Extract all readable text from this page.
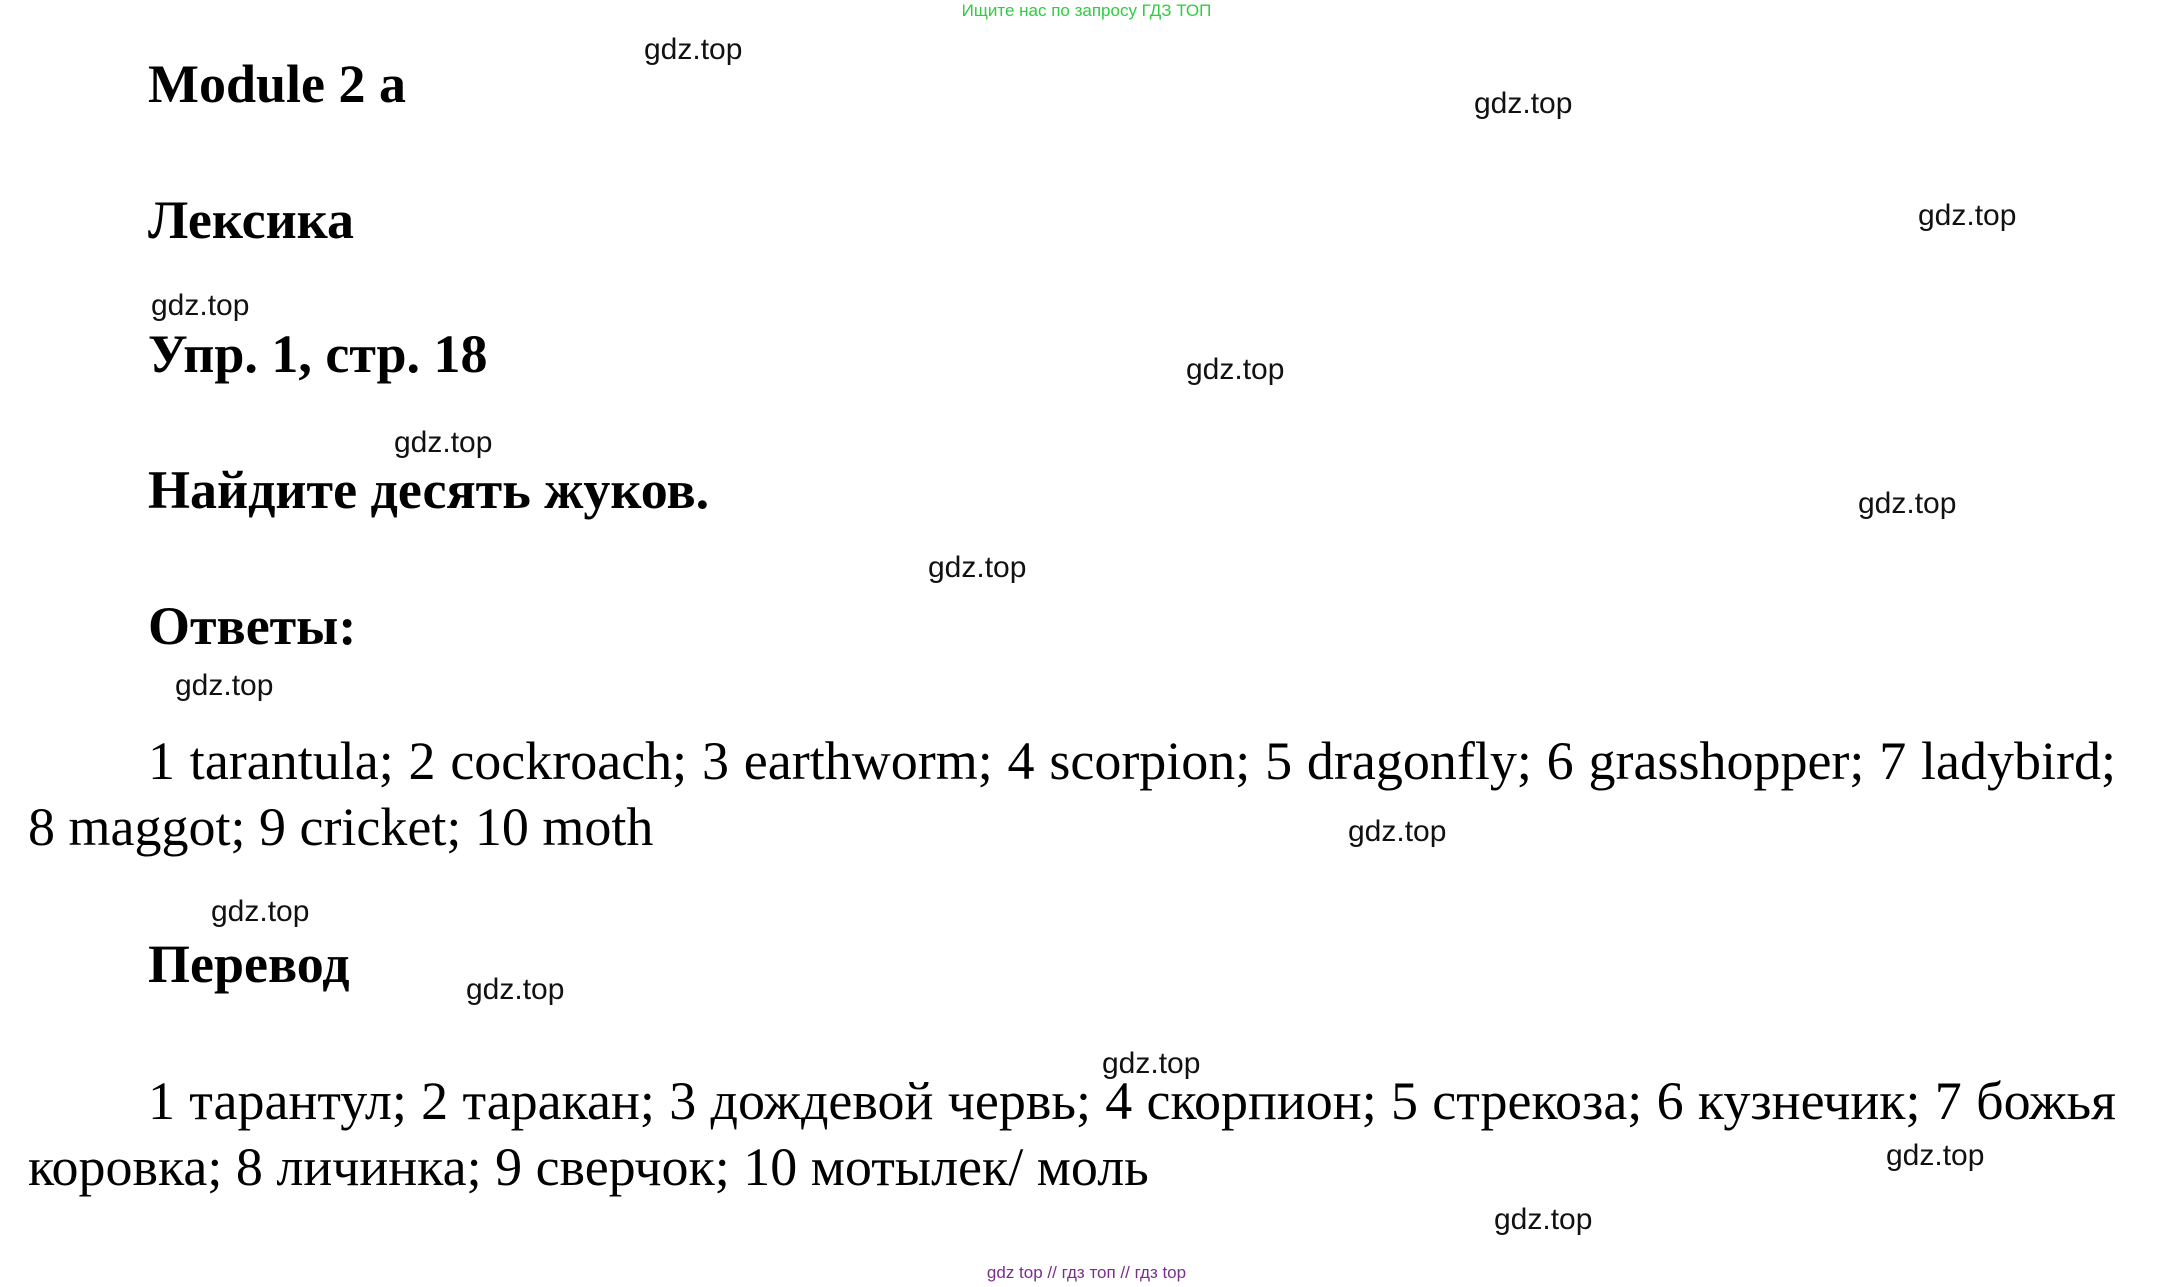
Ищите нас по запросу ГДЗ ТОП
Module 2 a
Лексика
Упр. 1, стр. 18
Найдите десять жуков.
Ответы:
1 tarantula; 2 cockroach; 3 earthworm; 4 scorpion; 5 dragonfly; 6 grasshopper; 7 ladybird; 8 maggot; 9 cricket; 10 moth
Перевод
1 тарантул; 2 таракан; 3 дождевой червь; 4 скорпион; 5 стрекоза; 6 кузнечик; 7 божья коровка; 8 личинка; 9 сверчок; 10 мотылек/ моль
gdz.top
gdz.top
gdz.top
gdz.top
gdz.top
gdz.top
gdz.top
gdz.top
gdz.top
gdz.top
gdz.top
gdz.top
gdz.top
gdz.top
gdz.top
gdz top // гдз топ // гдз top
